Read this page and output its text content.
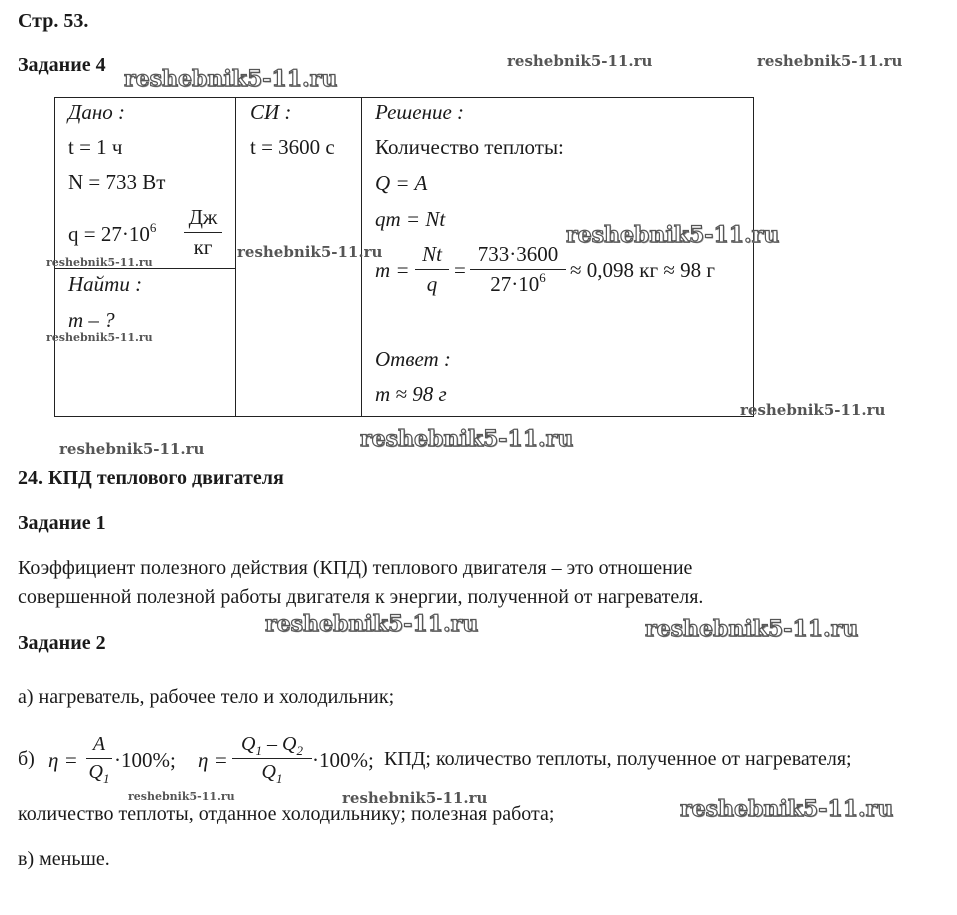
Стр. 53.
Задание 4
Дано :
t = 1 ч
N = 733 Вт
$q = 27\cdot 10^6$ Дж
кг
Найти :
m – ?
СИ :
t = 3600 с
Решение :
Количество теплоты:
Q = A
qm = Nt
m =
Nt
q
=
733·3600
$27\cdot 10^6$	≈ 0,098 кг ≈ 98 г
Ответ :
m ≈ 98 г
24. КПД теплового двигателя
Задание 1
Коэффициент полезного действия (КПД) теплового двигателя – это отношение
совершенной полезной работы двигателя к энергии, полученной от нагревателя.
Задание 2
а) нагреватель, рабочее тело и холодильник;
б) η =
A
$Q_1$
·100%; η =
$Q_1 - Q_2$
$Q_1$
·100%; КПД; количество теплоты, полученное от нагревателя;
количество теплоты, отданное холодильнику; полезная работа;
в) меньше.
reshebnik5-11.ru
reshebnik5-11.ru	reshebnik5-11.ru
reshebnik5-11.ru
reshebnik5-11.ru
reshebnik5-11.ru
reshebnik5-11.ru
reshebnik5-11.ru
reshebnik5-11.ru	reshebnik5-11.ru
reshebnik5-11.ru	reshebnik5-11.ru
reshebnik5-11.ru	reshebnik5-11.ru	reshebnik5-11.ru
